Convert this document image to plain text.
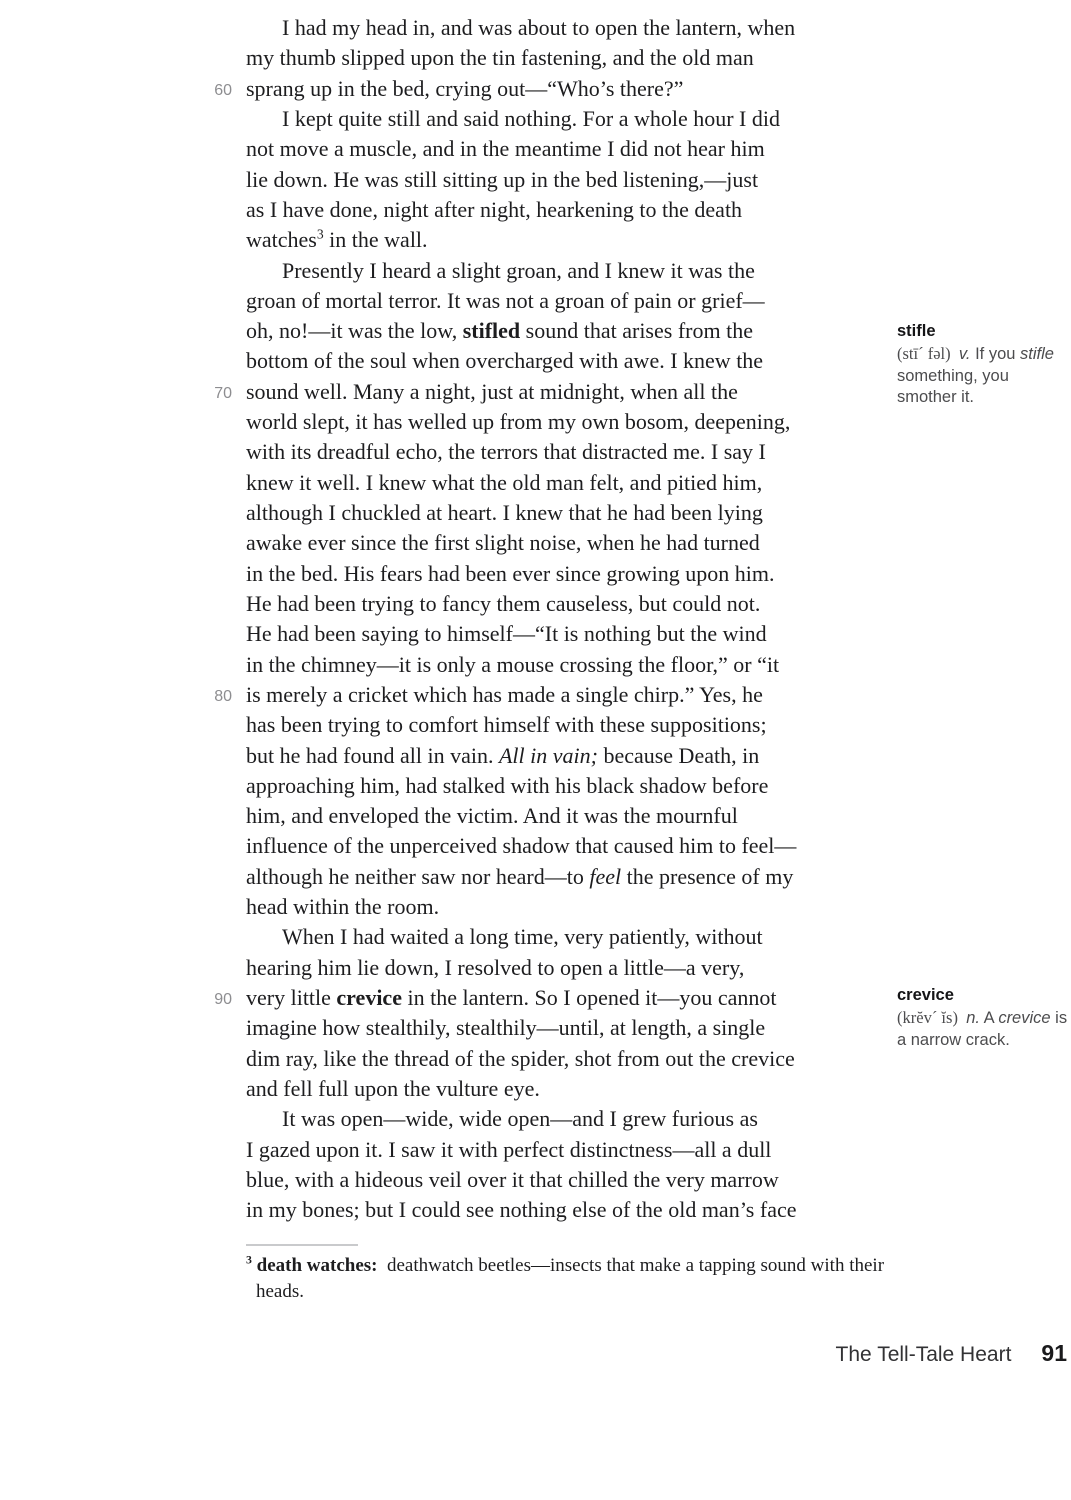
I had my head in, and was about to open the lantern, when
my thumb slipped upon the tin fastening, and the old man
60 sprang up in the bed, crying out—“Who’s there?”
I kept quite still and said nothing. For a whole hour I did
not move a muscle, and in the meantime I did not hear him
lie down. He was still sitting up in the bed listening,—just
as I have done, night after night, hearkening to the death
watches$^3$ in the wall.
Presently I heard a slight groan, and I knew it was the
groan of mortal terror. It was not a groan of pain or grief—
oh, no!—it was the low, stifled sound that arises from the
bottom of the soul when overcharged with awe. I knew the
70 sound well. Many a night, just at midnight, when all the
world slept, it has welled up from my own bosom, deepening,
with its dreadful echo, the terrors that distracted me. I say I
knew it well. I knew what the old man felt, and pitied him,
although I chuckled at heart. I knew that he had been lying
awake ever since the first slight noise, when he had turned
in the bed. His fears had been ever since growing upon him.
He had been trying to fancy them causeless, but could not.
He had been saying to himself—“It is nothing but the wind
in the chimney—it is only a mouse crossing the floor,” or “it
80 is merely a cricket which has made a single chirp.” Yes, he
has been trying to comfort himself with these suppositions;
but he had found all in vain. All in vain; because Death, in
approaching him, had stalked with his black shadow before
him, and enveloped the victim. And it was the mournful
influence of the unperceived shadow that caused him to feel—
although he neither saw nor heard—to feel the presence of my
head within the room.
When I had waited a long time, very patiently, without
hearing him lie down, I resolved to open a little—a very,
90 very little crevice in the lantern. So I opened it—you cannot
imagine how stealthily, stealthily—until, at length, a single
dim ray, like the thread of the spider, shot from out the crevice
and fell full upon the vulture eye.
It was open—wide, wide open—and I grew furious as
I gazed upon it. I saw it with perfect distinctness—all a dull
blue, with a hideous veil over it that chilled the very marrow
in my bones; but I could see nothing else of the old man’s face
stifle
(stī´ fəl)  v. If you stifle something, you smother it.
crevice
(krĕv´ ĭs)  n. A crevice is a narrow crack.
$^3$ death watches:  deathwatch beetles—insects that make a tapping sound with their heads.
The Tell-Tale Heart 91
